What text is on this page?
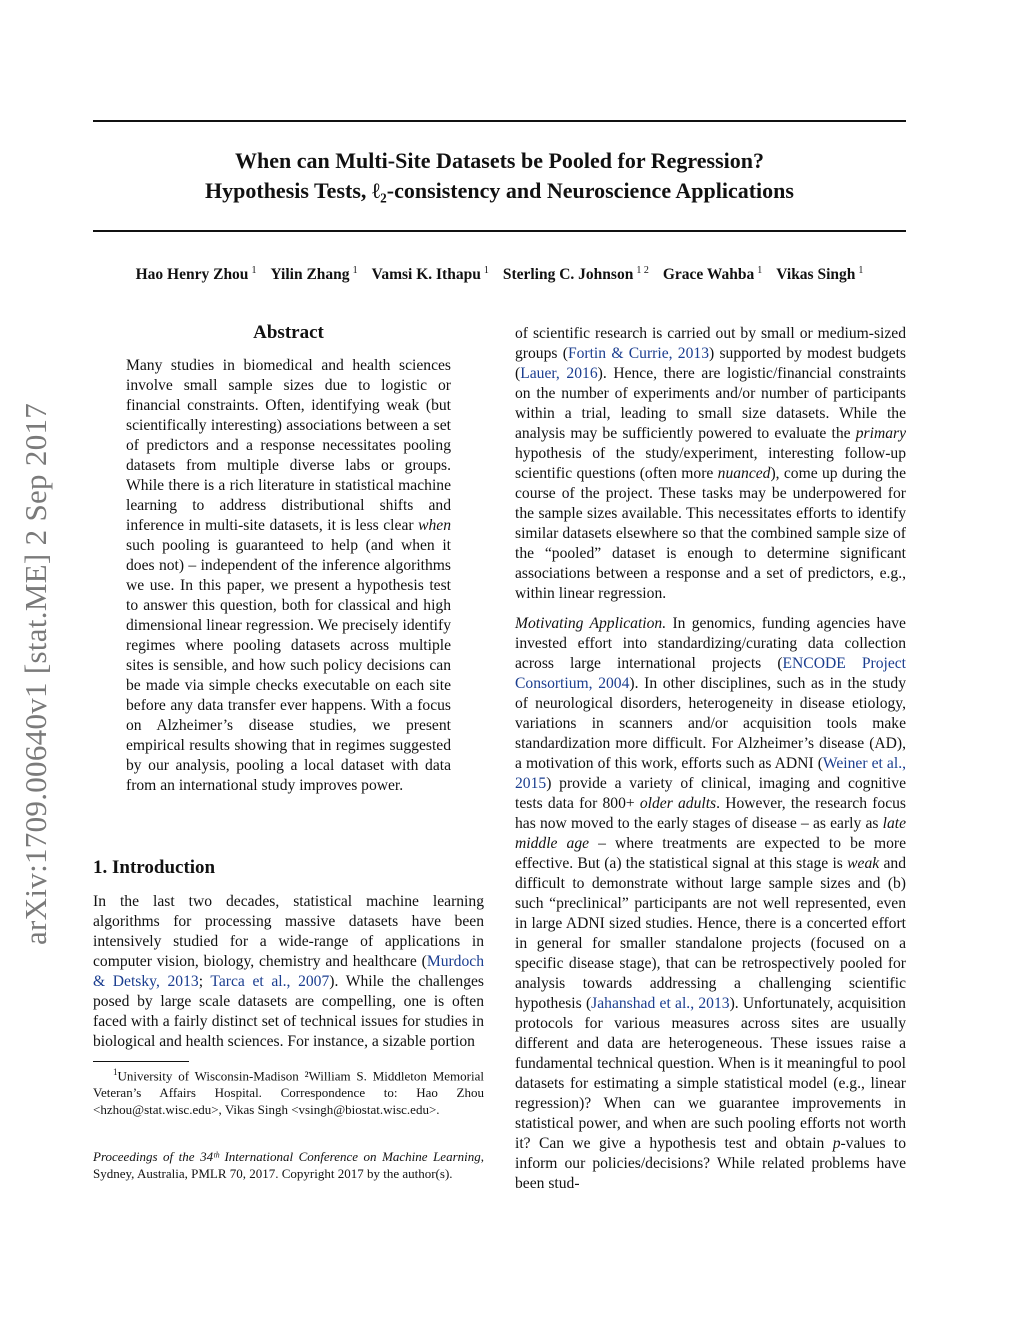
arXiv:1709.00640v1 [stat.ME] 2 Sep 2017
When can Multi-Site Datasets be Pooled for Regression?
Hypothesis Tests, ℓ₂-consistency and Neuroscience Applications
Hao Henry Zhou $^1$ Yilin Zhang $^1$ Vamsi K. Ithapu $^1$ Sterling C. Johnson $^{1 2}$ Grace Wahba $^1$ Vikas Singh $^1$
Abstract

Many studies in biomedical and health sciences involve small sample sizes due to logistic or financial constraints. Often, identifying weak (but scientifically interesting) associations between a set of predictors and a response necessitates pooling datasets from multiple diverse labs or groups. While there is a rich literature in statistical machine learning to address distributional shifts and inference in multi-site datasets, it is less clear when such pooling is guaranteed to help (and when it does not) – independent of the inference algorithms we use. In this paper, we present a hypothesis test to answer this question, both for classical and high dimensional linear regression. We precisely identify regimes where pooling datasets across multiple sites is sensible, and how such policy decisions can be made via simple checks executable on each site before any data transfer ever happens. With a focus on Alzheimer’s disease studies, we present empirical results showing that in regimes suggested by our analysis, pooling a local dataset with data from an international study improves power.

1. Introduction

In the last two decades, statistical machine learning algorithms for processing massive datasets have been intensively studied for a wide-range of applications in computer vision, biology, chemistry and healthcare (Murdoch & Detsky, 2013; Tarca et al., 2007). While the challenges posed by large scale datasets are compelling, one is often faced with a fairly distinct set of technical issues for studies in biological and health sciences. For instance, a sizable portion

$^1$University of Wisconsin-Madison ²William S. Middleton Memorial Veteran’s Affairs Hospital. Correspondence to: Hao Zhou <hzhou@stat.wisc.edu>, Vikas Singh <vsingh@biostat.wisc.edu>.
Proceedings of the 34ᵗʰ International Conference on Machine Learning, Sydney, Australia, PMLR 70, 2017. Copyright 2017 by the author(s).

of scientific research is carried out by small or medium-sized groups (Fortin & Currie, 2013) supported by modest budgets (Lauer, 2016). Hence, there are logistic/financial constraints on the number of experiments and/or number of participants within a trial, leading to small size datasets. While the analysis may be sufficiently powered to evaluate the primary hypothesis of the study/experiment, interesting follow-up scientific questions (often more nuanced), come up during the course of the project. These tasks may be underpowered for the sample sizes available. This necessitates efforts to identify similar datasets elsewhere so that the combined sample size of the “pooled” dataset is enough to determine significant associations between a response and a set of predictors, e.g., within linear regression.

Motivating Application. In genomics, funding agencies have invested effort into standardizing/curating data collection across large international projects (ENCODE Project Consortium, 2004). In other disciplines, such as in the study of neurological disorders, heterogeneity in disease etiology, variations in scanners and/or acquisition tools make standardization more difficult. For Alzheimer’s disease (AD), a motivation of this work, efforts such as ADNI (Weiner et al., 2015) provide a variety of clinical, imaging and cognitive tests data for 800+ older adults. However, the research focus has now moved to the early stages of disease – as early as late middle age – where treatments are expected to be more effective. But (a) the statistical signal at this stage is weak and difficult to demonstrate without large sample sizes and (b) such “preclinical” participants are not well represented, even in large ADNI sized studies. Hence, there is a concerted effort in general for smaller standalone projects (focused on a specific disease stage), that can be retrospectively pooled for analysis towards addressing a challenging scientific hypothesis (Jahanshad et al., 2013). Unfortunately, acquisition protocols for various measures across sites are usually different and data are heterogeneous. These issues raise a fundamental technical question. When is it meaningful to pool datasets for estimating a simple statistical model (e.g., linear regression)? When can we guarantee improvements in statistical power, and when are such pooling efforts not worth it? Can we give a hypothesis test and obtain p-values to inform our policies/decisions? While related problems have been stud-
